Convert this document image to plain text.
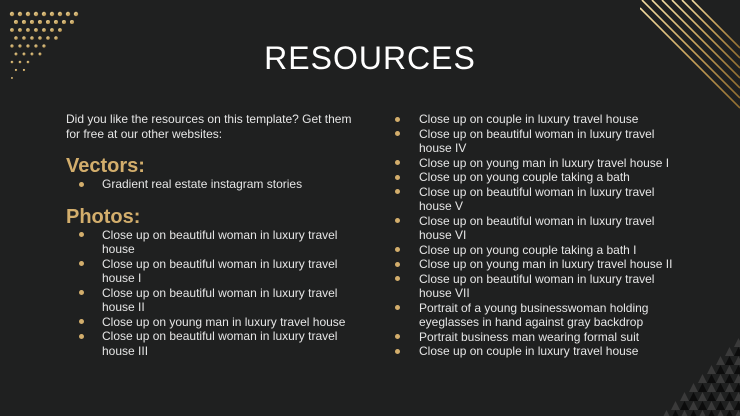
RESOURCES

Did you like the resources on this template? Get them for free at our other websites:

Vectors:
Gradient real estate instagram stories
Photos:
Close up on beautiful woman in luxury travel house
Close up on beautiful woman in luxury travel house I
Close up on beautiful woman in luxury travel house II
Close up on young man in luxury travel house
Close up on beautiful woman in luxury travel house III
Close up on couple in luxury travel house
Close up on beautiful woman in luxury travel house IV
Close up on young man in luxury travel house I
Close up on young couple taking a bath
Close up on beautiful woman in luxury travel house V
Close up on beautiful woman in luxury travel house VI
Close up on young couple taking a bath I
Close up on young man in luxury travel house II
Close up on beautiful woman in luxury travel house VII
Portrait of a young businesswoman holding eyeglasses in hand against gray backdrop
Portrait business man wearing formal suit
Close up on couple in luxury travel house
